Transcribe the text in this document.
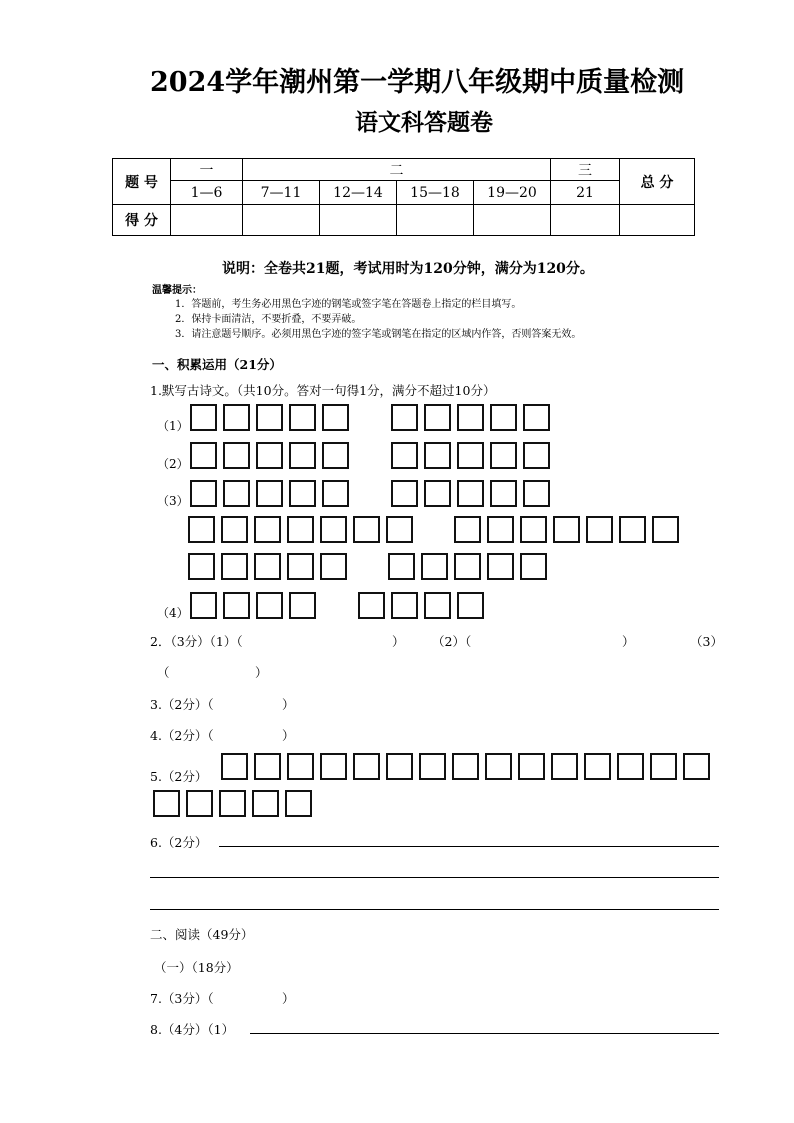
2024学年潮州第一学期八年级期中质量检测
语文科答题卷
题 号	一	二				三	总 分
	1—6	7—11	12—14	15—18	19—20	21	
得 分							
说明：全卷共21题，考试用时为120分钟，满分为120分。
温馨提示：
1．答题前，考生务必用黑色字迹的钢笔或签字笔在答题卷上指定的栏目填写。
2．保持卡面清洁，不要折叠，不要弄破。
3．请注意题号顺序。必须用黑色字迹的签字笔或钢笔在指定的区域内作答，否则答案无效。
一、积累运用（21分）
1.默写古诗文。（共10分。答对一句得1分，满分不超过10分）
（1）
（2）
（3）
（4）
2．（3分）（1）（	） （2）（	）	（3）
（	）
3.（2分）（	）
4.（2分）（	）
5.（2分）
6.（2分）
二、阅读（49分）
（一）（18分）
7.（3分）（	）
8.（4分）（1）
